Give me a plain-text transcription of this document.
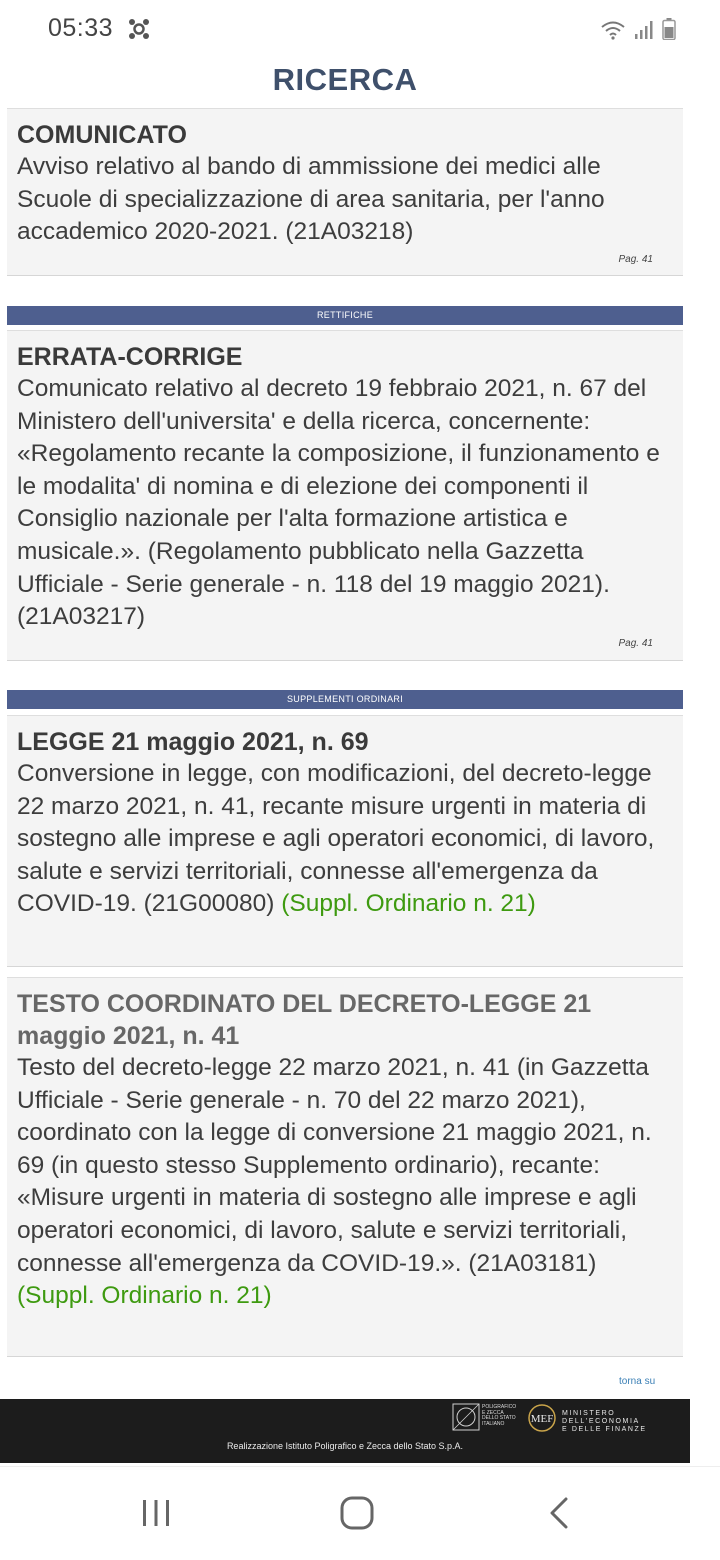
05:33
RICERCA
COMUNICATO
Avviso relativo al bando di ammissione dei medici alle Scuole di specializzazione di area sanitaria, per l'anno accademico 2020-2021. (21A03218)
Pag. 41
RETTIFICHE
ERRATA-CORRIGE
Comunicato relativo al decreto 19 febbraio 2021, n. 67 del Ministero dell'universita' e della ricerca, concernente: «Regolamento recante la composizione, il funzionamento e le modalita' di nomina e di elezione dei componenti il Consiglio nazionale per l'alta formazione artistica e musicale.». (Regolamento pubblicato nella Gazzetta Ufficiale - Serie generale - n. 118 del 19 maggio 2021). (21A03217)
Pag. 41
SUPPLEMENTI ORDINARI
LEGGE 21 maggio 2021, n. 69
Conversione in legge, con modificazioni, del decreto-legge 22 marzo 2021, n. 41, recante misure urgenti in materia di sostegno alle imprese e agli operatori economici, di lavoro, salute e servizi territoriali, connesse all'emergenza da COVID-19. (21G00080) (Suppl. Ordinario n. 21)
TESTO COORDINATO DEL DECRETO-LEGGE 21 maggio 2021, n. 41
Testo del decreto-legge 22 marzo 2021, n. 41 (in Gazzetta Ufficiale - Serie generale - n. 70 del 22 marzo 2021), coordinato con la legge di conversione 21 maggio 2021, n. 69 (in questo stesso Supplemento ordinario), recante: «Misure urgenti in materia di sostegno alle imprese e agli operatori economici, di lavoro, salute e servizi territoriali, connesse all'emergenza da COVID-19.». (21A03181) (Suppl. Ordinario n. 21)
torna su
POLIGRAFICO E ZECCA DELLO STATO ITALIANO	MEF MINISTERO DELL'ECONOMIA
E DELLE FINANZE
Realizzazione Istituto Poligrafico e Zecca dello Stato S.p.A.
